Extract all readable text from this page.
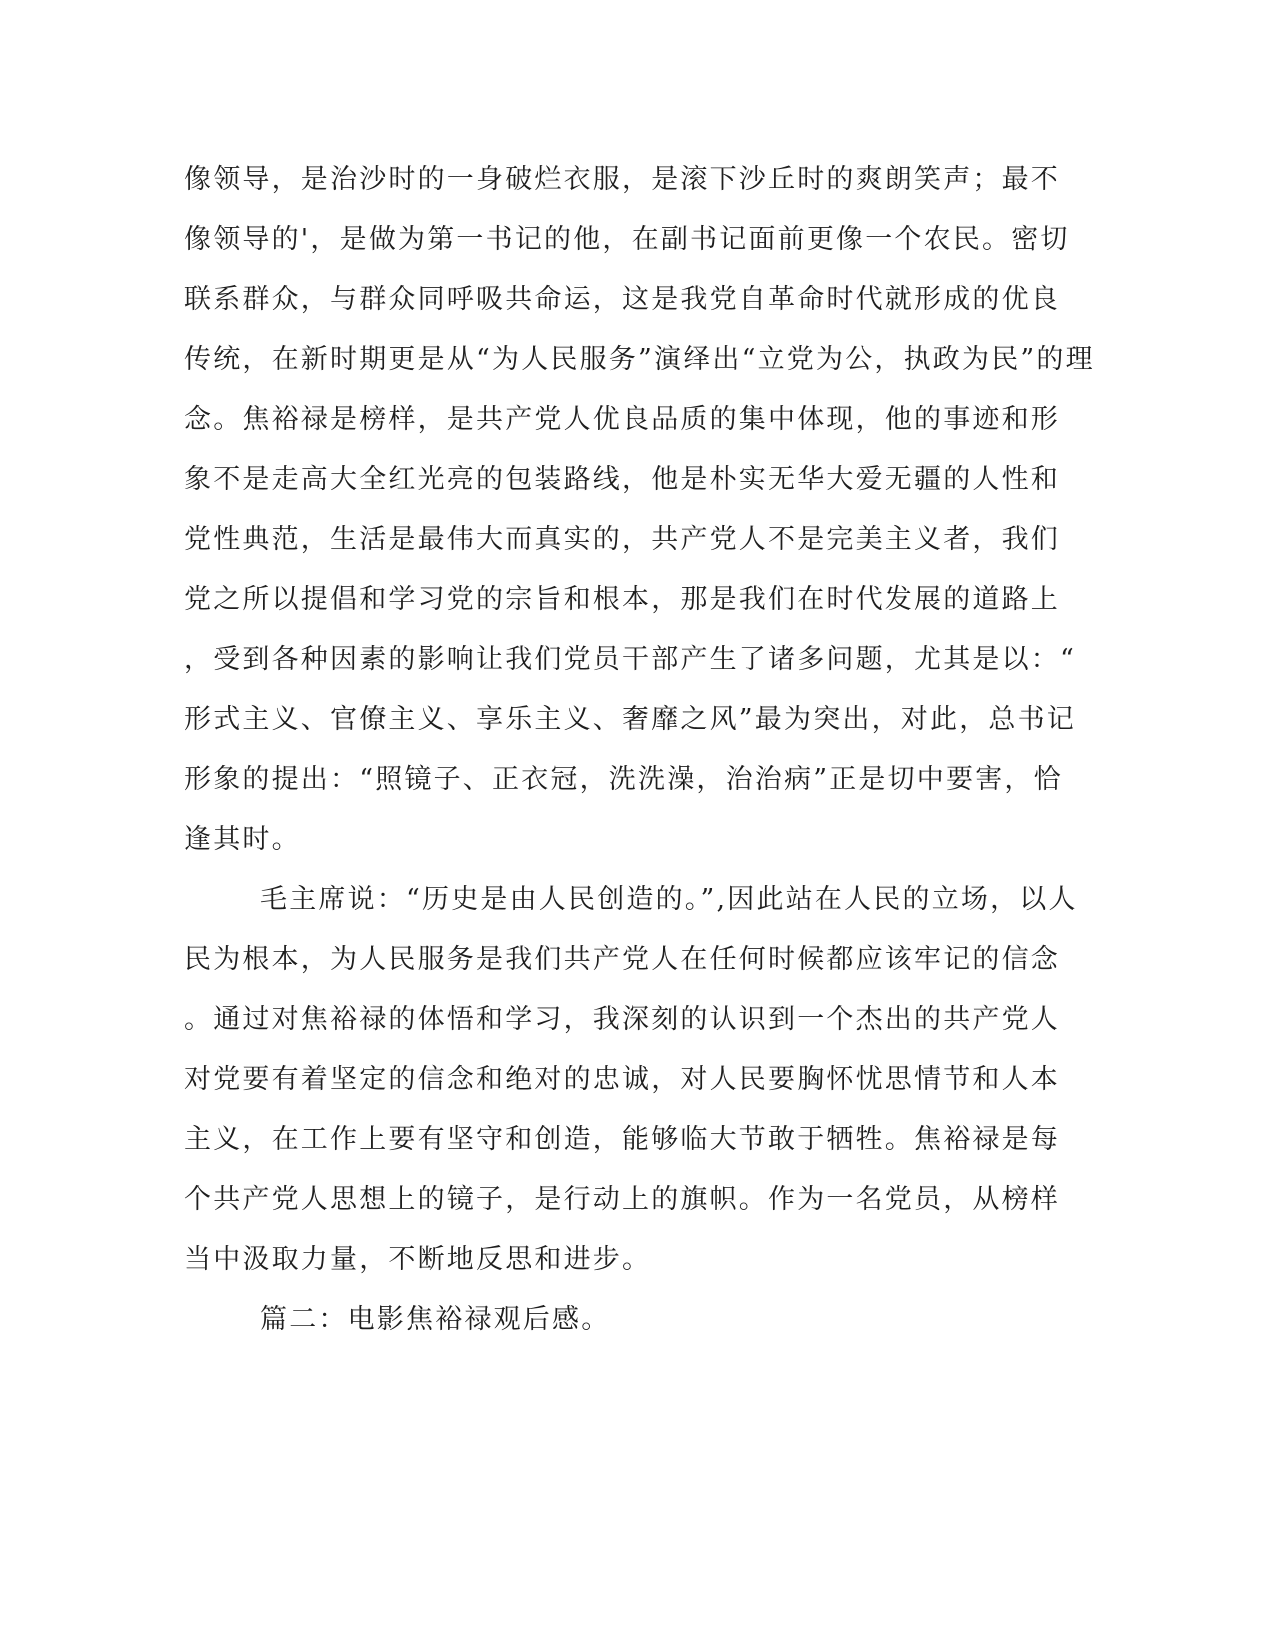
像领导，是治沙时的一身破烂衣服，是滚下沙丘时的爽朗笑声；最不
像领导的'，是做为第一书记的他，在副书记面前更像一个农民。密切
联系群众，与群众同呼吸共命运，这是我党自革命时代就形成的优良
传统，在新时期更是从“为人民服务”演绎出“立党为公，执政为民”的理
念。焦裕禄是榜样，是共产党人优良品质的集中体现，他的事迹和形
象不是走高大全红光亮的包装路线，他是朴实无华大爱无疆的人性和
党性典范，生活是最伟大而真实的，共产党人不是完美主义者，我们
党之所以提倡和学习党的宗旨和根本，那是我们在时代发展的道路上
，受到各种因素的影响让我们党员干部产生了诸多问题，尤其是以：“
形式主义、官僚主义、享乐主义、奢靡之风”最为突出，对此，总书记
形象的提出：“照镜子、正衣冠，洗洗澡，治治病”正是切中要害，恰
逢其时。
毛主席说：“历史是由人民创造的。”,因此站在人民的立场，以人
民为根本，为人民服务是我们共产党人在任何时候都应该牢记的信念
。通过对焦裕禄的体悟和学习，我深刻的认识到一个杰出的共产党人
对党要有着坚定的信念和绝对的忠诚，对人民要胸怀忧思情节和人本
主义，在工作上要有坚守和创造，能够临大节敢于牺牲。焦裕禄是每
个共产党人思想上的镜子，是行动上的旗帜。作为一名党员，从榜样
当中汲取力量，不断地反思和进步。
篇二：电影焦裕禄观后感。
